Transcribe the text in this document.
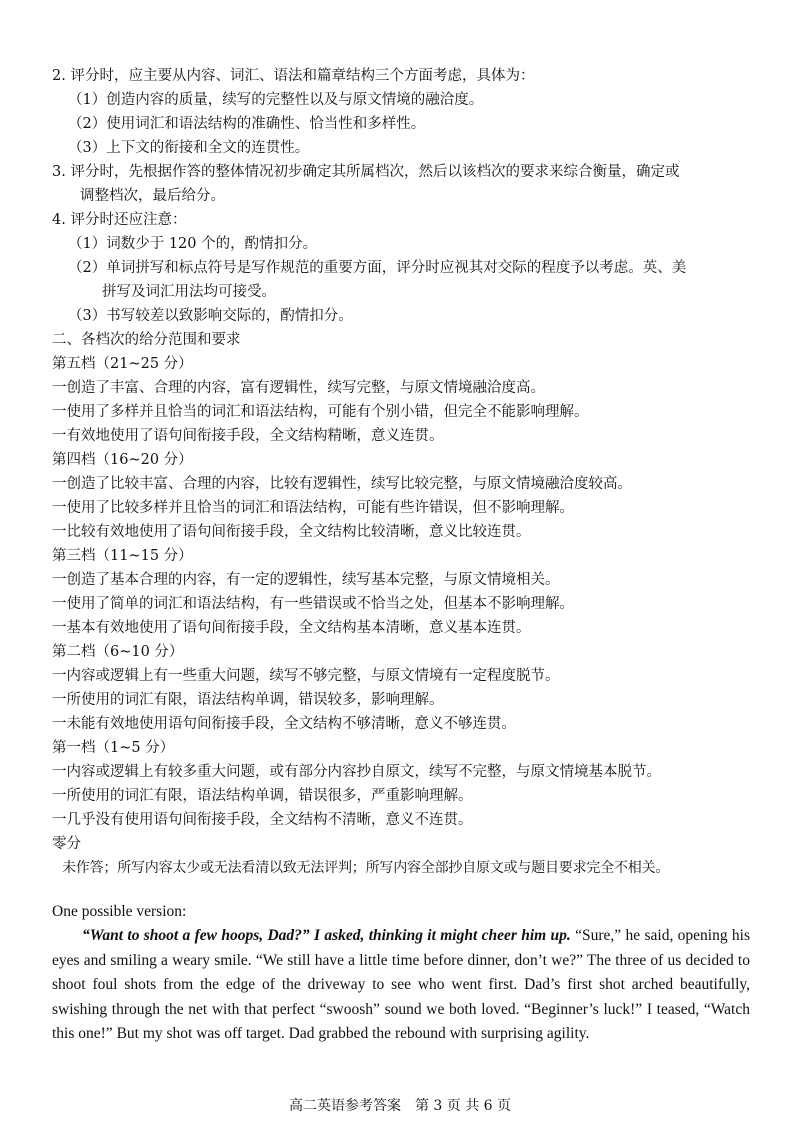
2. 评分时，应主要从内容、词汇、语法和篇章结构三个方面考虑，具体为：
（1）创造内容的质量，续写的完整性以及与原文情境的融洽度。
（2）使用词汇和语法结构的准确性、恰当性和多样性。
（3）上下文的衔接和全文的连贯性。
3. 评分时，先根据作答的整体情况初步确定其所属档次，然后以该档次的要求来综合衡量，确定或
调整档次，最后给分。
4. 评分时还应注意：
（1）词数少于 120 个的，酌情扣分。
（2）单词拼写和标点符号是写作规范的重要方面，评分时应视其对交际的程度予以考虑。英、美
拼写及词汇用法均可接受。
（3）书写较差以致影响交际的，酌情扣分。
二、各档次的给分范围和要求
第五档（21~25 分）
一创造了丰富、合理的内容，富有逻辑性，续写完整，与原文情境融洽度高。
一使用了多样并且恰当的词汇和语法结构，可能有个别小错，但完全不能影响理解。
一有效地使用了语句间衔接手段，全文结构精晰，意义连贯。
第四档（16~20 分）
一创造了比较丰富、合理的内容，比较有逻辑性，续写比较完整，与原文情境融洽度较高。
一使用了比较多样并且恰当的词汇和语法结构，可能有些许错误，但不影响理解。
一比较有效地使用了语句间衔接手段，全文结构比较清晰，意义比较连贯。
第三档（11~15 分）
一创造了基本合理的内容，有一定的逻辑性，续写基本完整，与原文情境相关。
一使用了简单的词汇和语法结构，有一些错误或不恰当之处，但基本不影响理解。
一基本有效地使用了语句间衔接手段，全文结构基本清晰，意义基本连贯。
第二档（6~10 分）
一内容或逻辑上有一些重大问题，续写不够完整，与原文情境有一定程度脱节。
一所使用的词汇有限，语法结构单调，错误较多，影响理解。
一未能有效地使用语句间衔接手段，全文结构不够清晰，意义不够连贯。
第一档（1~5 分）
一内容或逻辑上有较多重大问题，或有部分内容抄自原文，续写不完整，与原文情境基本脱节。
一所使用的词汇有限，语法结构单调，错误很多，严重影响理解。
一几乎没有使用语句间衔接手段，全文结构不清晰，意义不连贯。
零分
未作答；所写内容太少或无法看清以致无法评判；所写内容全部抄自原文或与题目要求完全不相关。
One possible version:
“Want to shoot a few hoops, Dad?” I asked, thinking it might cheer him up. “Sure,” he said, opening his eyes and smiling a weary smile. “We still have a little time before dinner, don’t we?” The three of us decided to shoot foul shots from the edge of the driveway to see who went first. Dad’s first shot arched beautifully, swishing through the net with that perfect “swoosh” sound we both loved. “Beginner’s luck!” I teased, “Watch this one!” But my shot was off target. Dad grabbed the rebound with surprising agility.
高二英语参考答案　第 3 页 共 6 页
